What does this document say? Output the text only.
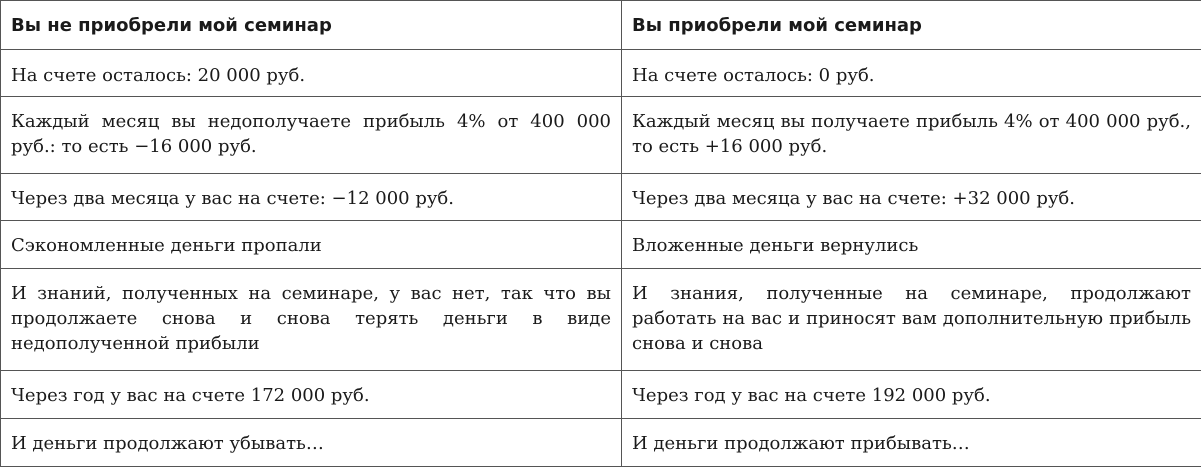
Вы не приобрели мой семинар	Вы приобрели мой семинар
На счете осталось: 20 000 руб.	На счете осталось: 0 руб.
Каждый месяц вы недополучаете прибыль 4% от 400 000 руб.: то есть −16 000 руб.	Каждый месяц вы получаете прибыль 4% от 400 000 руб., то есть +16 000 руб.
Через два месяца у вас на счете: −12 000 руб.	Через два месяца у вас на счете: +32 000 руб.
Сэкономленные деньги пропали	Вложенные деньги вернулись
И знаний, полученных на семинаре, у вас нет, так что вы продолжаете снова и снова терять деньги в виде недополученной прибыли	И знания, полученные на семинаре, продолжают работать на вас и приносят вам дополнительную прибыль снова и снова
Через год у вас на счете 172 000 руб.	Через год у вас на счете 192 000 руб.
И деньги продолжают убывать…	И деньги продолжают прибывать…
